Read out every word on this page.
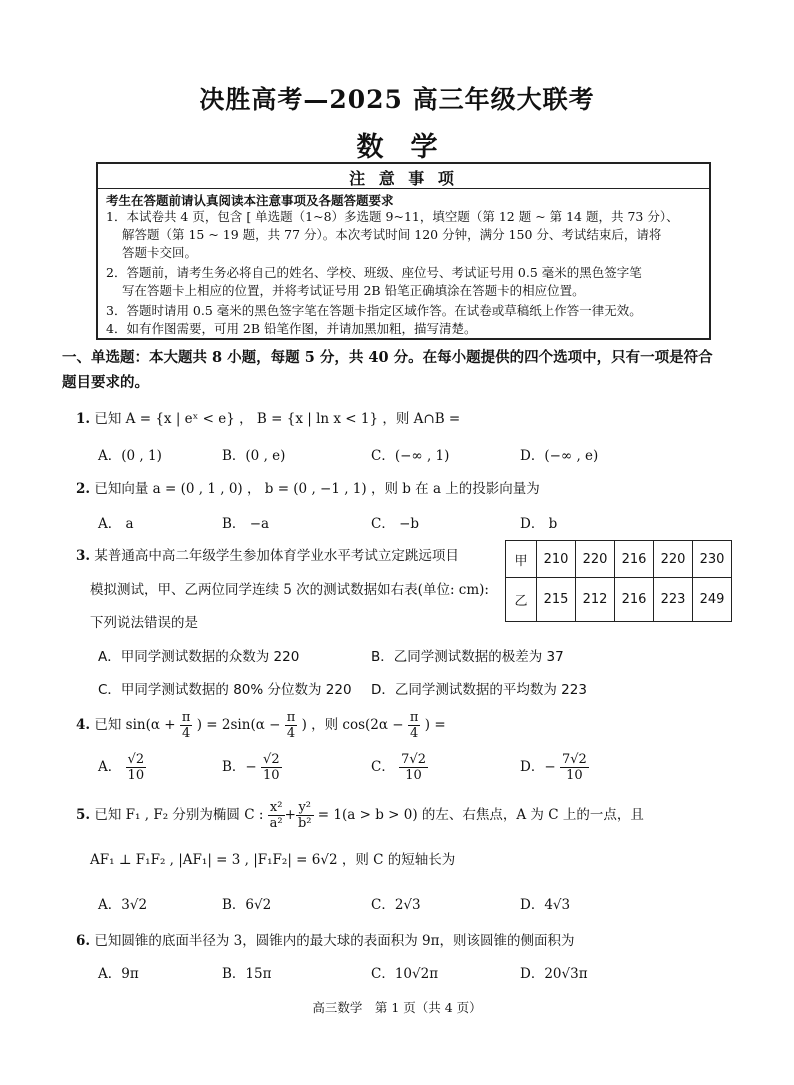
决胜高考—2025 高三年级大联考
数　学
注 意 事 项
考生在答题前请认真阅读本注意事项及各题答题要求
1．本试卷共 4 页，包含 [ 单选题（1~8）多选题 9~11，填空题（第 12 题 ~ 第 14 题，共 73 分）、
解答题（第 15 ~ 19 题，共 77 分）。本次考试时间 120 分钟，满分 150 分、考试结束后，请将
答题卡交回。
2．答题前，请考生务必将自己的姓名、学校、班级、座位号、考试证号用 0.5 毫米的黑色签字笔
写在答题卡上相应的位置，并将考试证号用 2B 铅笔正确填涂在答题卡的相应位置。
3．答题时请用 0.5 毫米的黑色签字笔在答题卡指定区域作答。在试卷或草稿纸上作答一律无效。
4．如有作图需要，可用 2B 铅笔作图，并请加黑加粗，描写清楚。
一、单选题：本大题共 8 小题，每题 5 分，共 40 分。在每小题提供的四个选项中，只有一项是符合
题目要求的。
1. 已知 A = {x | eˣ < e} ， B = {x | ln x < 1} ，则 A∩B =
A．(0 , 1)	B．(0 , e)	C．(−∞ , 1)	D．(−∞ , e)
2. 已知向量 a = (0 , 1 , 0) ， b = (0 , −1 , 1) ，则 b 在 a 上的投影向量为
A． a	B． −a	C． −b	D． b
3. 某普通高中高二年级学生参加体育学业水平考试立定跳远项目
模拟测试，甲、乙两位同学连续 5 次的测试数据如右表(单位: cm):
下列说法错误的是
甲	210	220	216	220	230
乙	215	212	216	223	249
A．甲同学测试数据的众数为 220	B．乙同学测试数据的极差为 37
C．甲同学测试数据的 80% 分位数为 220 D．乙同学测试数据的平均数为 223
4. 已知 $\sin(\alpha + \frac{\pi}{4}$ ) = $2\sin(\alpha - \frac{\pi}{4}$ ) ，则 $\cos(2\alpha - \frac{\pi}{4}$ ) =
A． $\frac{√2}{10}$	B．− $\frac{√2}{10}$	C． $\frac{7√2}{10}$	D．− $\frac{7√2}{10}$
5. 已知 F₁ , F₂ 分别为椭圆 C : $\frac{\text{x²}}{\text{a²}} + \frac{\text{y²}}{\text{b²}} = 1(a > b > 0)$ 的左、右焦点，A 为 C 上的一点，且
AF₁ ⊥ F₁F₂ , |AF₁| = 3 , |F₁F₂| = 6√2 ，则 C 的短轴长为
A．3√2	B．6√2	C．2√3	D．4√3
6. 已知圆锥的底面半径为 3，圆锥内的最大球的表面积为 9π，则该圆锥的侧面积为
A．9π	B．15π	C．10√2π	D．20√3π
高三数学　第 1 页（共 4 页）
